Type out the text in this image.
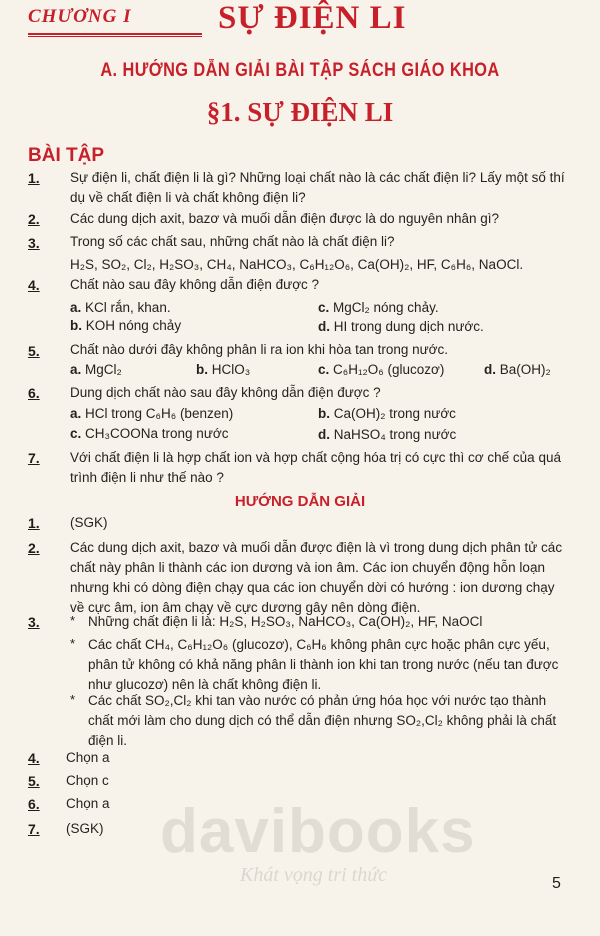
CHƯƠNG I	SỰ ĐIỆN LI
A. HƯỚNG DẪN GIẢI BÀI TẬP SÁCH GIÁO KHOA
§1. SỰ ĐIỆN LI
BÀI TẬP
1. Sự điện li, chất điện li là gì? Những loại chất nào là các chất điện li? Lấy một số thí dụ về chất điện li và chất không điện li?
2. Các dung dịch axit, bazơ và muối dẫn điện được là do nguyên nhân gì?
3. Trong số các chất sau, những chất nào là chất điện li?
H₂S, SO₂, Cl₂, H₂SO₃, CH₄, NaHCO₃, C₆H₁₂O₆, Ca(OH)₂, HF, C₆H₆, NaOCl.
4. Chất nào sau đây không dẫn điện được ?
a. KCl rắn, khan.	c. MgCl₂ nóng chảy.
b. KOH nóng chảy	d. HI trong dung dịch nước.
5. Chất nào dưới đây không phân li ra ion khi hòa tan trong nước.
a. MgCl₂	b. HClO₃	c. C₆H₁₂O₆ (glucozơ)	d. Ba(OH)₂
6. Dung dịch chất nào sau đây không dẫn điện được ?
a. HCl trong C₆H₆ (benzen)	b. Ca(OH)₂ trong nước
c. CH₃COONa trong nước	d. NaHSO₄ trong nước
7. Với chất điện li là hợp chất ion và hợp chất cộng hóa trị có cực thì cơ chế của quá trình điện li như thế nào ?
HƯỚNG DẪN GIẢI
1. (SGK)
2. Các dung dịch axit, bazơ và muối dẫn được điện là vì trong dung dịch phân tử các chất này phân li thành các ion dương và ion âm. Các ion chuyển động hỗn loạn nhưng khi có dòng điện chạy qua các ion chuyển dời có hướng : ion dương chạy về cực âm, ion âm chạy về cực dương gây nên dòng điện.
3. * Những chất điện li là: H₂S, H₂SO₃, NaHCO₃, Ca(OH)₂, HF, NaOCl
* Các chất CH₄, C₆H₁₂O₆ (glucozơ), C₆H₆ không phân cực hoặc phân cực yếu, phân tử không có khả năng phân li thành ion khi tan trong nước (nếu tan được như glucozơ) nên là chất không điện li.
* Các chất SO₂,Cl₂ khi tan vào nước có phản ứng hóa học với nước tạo thành chất mới làm cho dung dịch có thể dẫn điện nhưng SO₂,Cl₂ không phải là chất điện li.
4. Chọn a
5. Chọn c
6. Chọn a
7. (SGK) davibooks
Khát vọng tri thức	5
